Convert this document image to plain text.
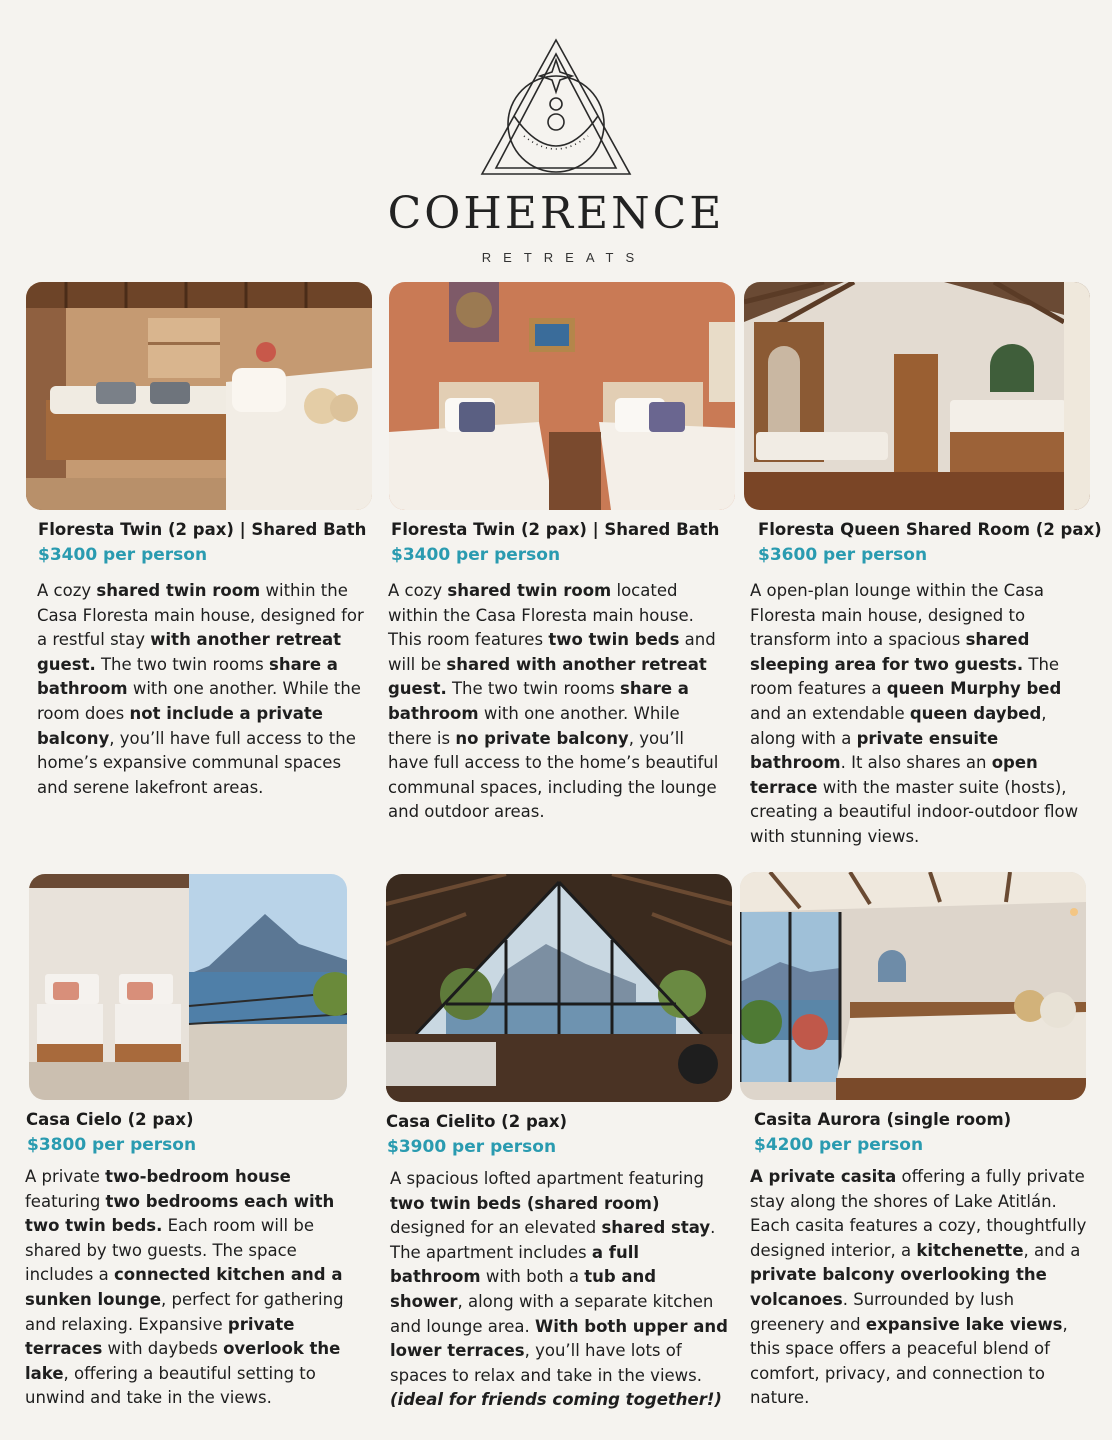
COHERENCE
RETREATS
Floresta Twin (2 pax) | Shared Bath
$3400 per person
A cozy shared twin room within the Casa Floresta main house, designed for a restful stay with another retreat guest. The two twin rooms share a bathroom with one another. While the room does not include a private balcony, you’ll have full access to the home’s expansive communal spaces and serene lakefront areas.
Floresta Twin (2 pax) | Shared Bath
$3400 per person
A cozy shared twin room located within the Casa Floresta main house. This room features two twin beds and will be shared with another retreat guest. The two twin rooms share a bathroom with one another. While there is no private balcony, you’ll have full access to the home’s beautiful communal spaces, including the lounge and outdoor areas.
Floresta Queen Shared Room (2 pax)
$3600 per person
A open-plan lounge within the Casa Floresta main house, designed to transform into a spacious shared sleeping area for two guests. The room features a queen Murphy bed and an extendable queen daybed, along with a private ensuite bathroom. It also shares an open terrace with the master suite (hosts), creating a beautiful indoor-outdoor flow with stunning views.
Casa Cielo (2 pax)
$3800 per person
A private two-bedroom house featuring two bedrooms each with two twin beds. Each room will be shared by two guests. The space includes a connected kitchen and a sunken lounge, perfect for gathering and relaxing. Expansive private terraces with daybeds overlook the lake, offering a beautiful setting to unwind and take in the views.
Casa Cielito (2 pax)
$3900 per person
A spacious lofted apartment featuring two twin beds (shared room) designed for an elevated shared stay. The apartment includes a full bathroom with both a tub and shower, along with a separate kitchen and lounge area. With both upper and lower terraces, you’ll have lots of spaces to relax and take in the views. (ideal for friends coming together!)
Casita Aurora (single room)
$4200 per person
A private casita offering a fully private stay along the shores of Lake Atitlán. Each casita features a cozy, thoughtfully designed interior, a kitchenette, and a private balcony overlooking the volcanoes. Surrounded by lush greenery and expansive lake views, this space offers a peaceful blend of comfort, privacy, and connection to nature.
